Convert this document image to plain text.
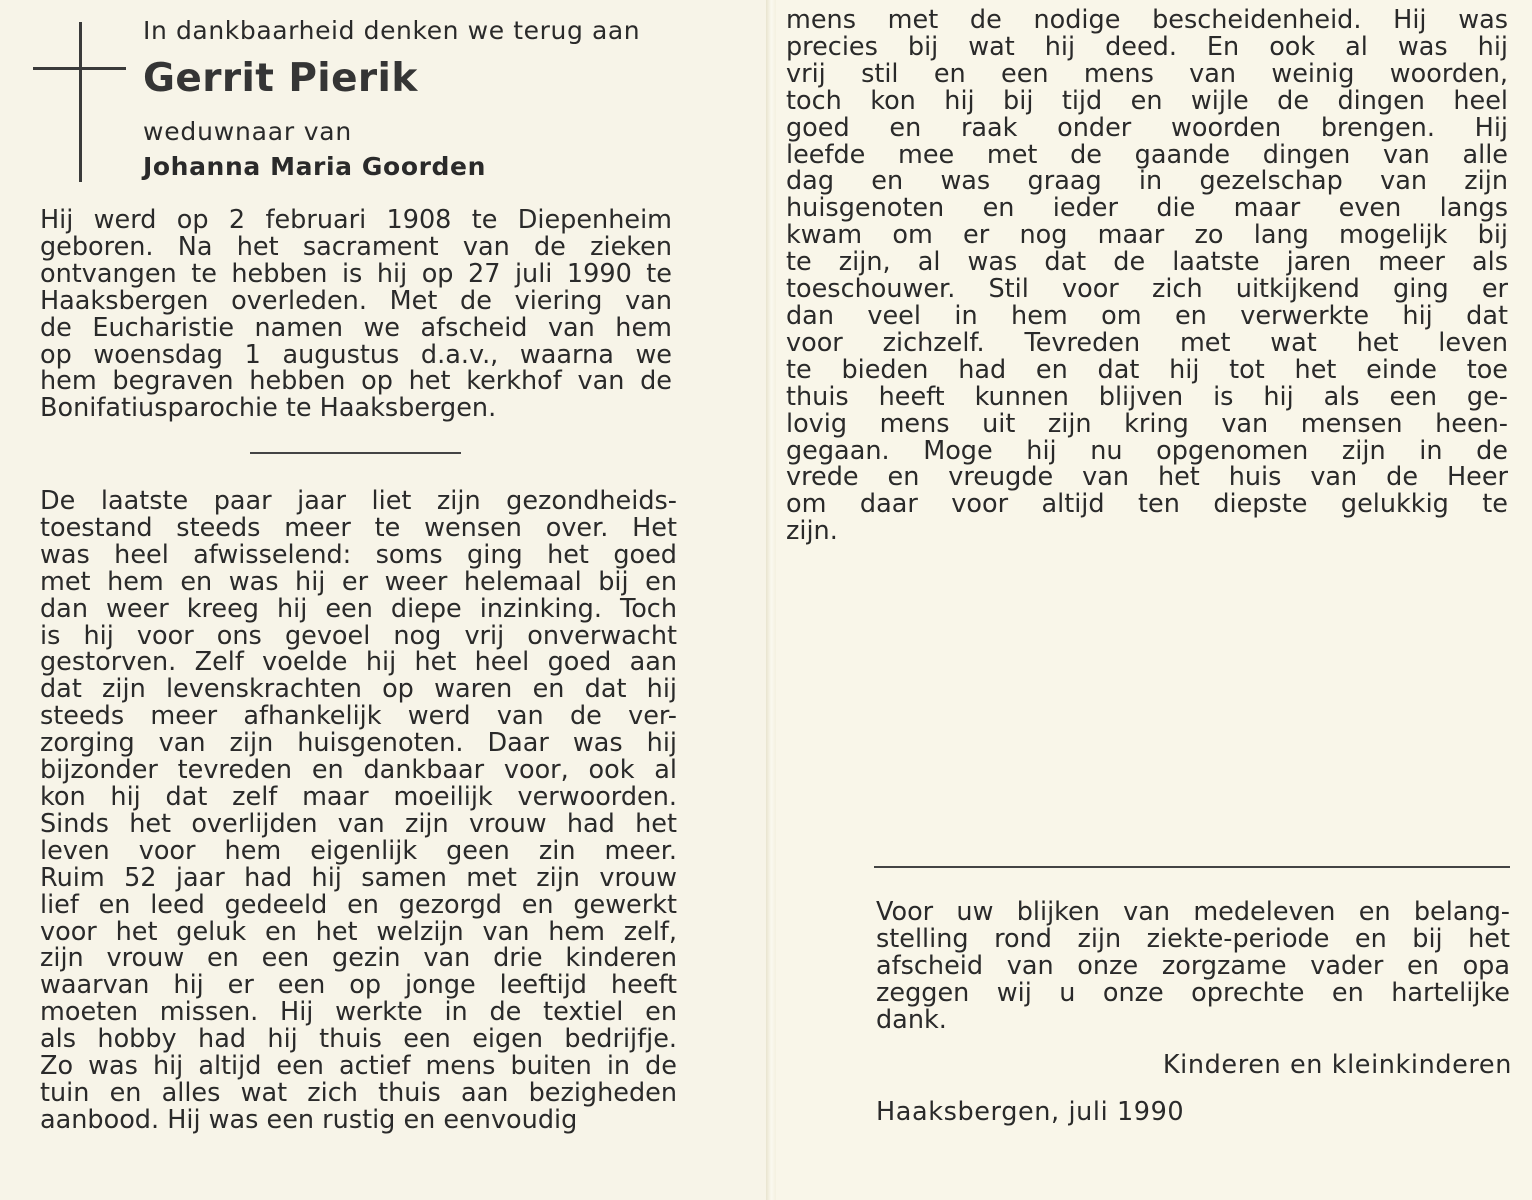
In dankbaarheid denken we terug aan
Gerrit Pierik
weduwnaar van
Johanna Maria Goorden
Hij werd op 2 februari 1908 te Diepenheim
geboren. Na het sacrament van de zieken
ontvangen te hebben is hij op 27 juli 1990 te
Haaksbergen overleden. Met de viering van
de Eucharistie namen we afscheid van hem
op woensdag 1 augustus d.a.v., waarna we
hem begraven hebben op het kerkhof van de
Bonifatiusparochie te Haaksbergen.
De laatste paar jaar liet zijn gezondheids-
toestand steeds meer te wensen over. Het
was heel afwisselend: soms ging het goed
met hem en was hij er weer helemaal bij en
dan weer kreeg hij een diepe inzinking. Toch
is hij voor ons gevoel nog vrij onverwacht
gestorven. Zelf voelde hij het heel goed aan
dat zijn levenskrachten op waren en dat hij
steeds meer afhankelijk werd van de ver-
zorging van zijn huisgenoten. Daar was hij
bijzonder tevreden en dankbaar voor, ook al
kon hij dat zelf maar moeilijk verwoorden.
Sinds het overlijden van zijn vrouw had het
leven voor hem eigenlijk geen zin meer.
Ruim 52 jaar had hij samen met zijn vrouw
lief en leed gedeeld en gezorgd en gewerkt
voor het geluk en het welzijn van hem zelf,
zijn vrouw en een gezin van drie kinderen
waarvan hij er een op jonge leeftijd heeft
moeten missen. Hij werkte in de textiel en
als hobby had hij thuis een eigen bedrijfje.
Zo was hij altijd een actief mens buiten in de
tuin en alles wat zich thuis aan bezigheden
aanbood. Hij was een rustig en eenvoudig
mens met de nodige bescheidenheid. Hij was
precies bij wat hij deed. En ook al was hij
vrij stil en een mens van weinig woorden,
toch kon hij bij tijd en wijle de dingen heel
goed en raak onder woorden brengen. Hij
leefde mee met de gaande dingen van alle
dag en was graag in gezelschap van zijn
huisgenoten en ieder die maar even langs
kwam om er nog maar zo lang mogelijk bij
te zijn, al was dat de laatste jaren meer als
toeschouwer. Stil voor zich uitkijkend ging er
dan veel in hem om en verwerkte hij dat
voor zichzelf. Tevreden met wat het leven
te bieden had en dat hij tot het einde toe
thuis heeft kunnen blijven is hij als een ge-
lovig mens uit zijn kring van mensen heen-
gegaan. Moge hij nu opgenomen zijn in de
vrede en vreugde van het huis van de Heer
om daar voor altijd ten diepste gelukkig te
zijn.
Voor uw blijken van medeleven en belang-
stelling rond zijn ziekte-periode en bij het
afscheid van onze zorgzame vader en opa
zeggen wij u onze oprechte en hartelijke
dank.
Kinderen en kleinkinderen
Haaksbergen, juli 1990
